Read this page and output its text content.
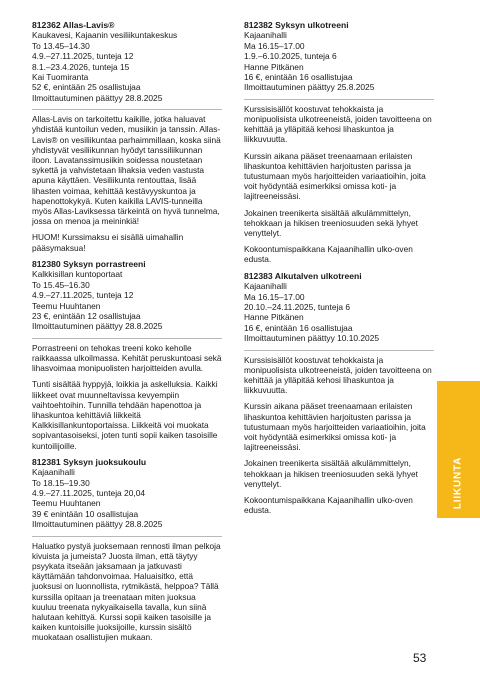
812362 Allas-Lavis®
Kaukavesi, Kajaanin vesiliikuntakeskus
To 13.45–14.30
4.9.–27.11.2025, tunteja 12
8.1.–23.4.2026, tunteja 15
Kai Tuomiranta
52 €, enintään 25 osallistujaa
Ilmoittautuminen päättyy 28.8.2025

Allas-Lavis on tarkoitettu kaikille, jotka haluavat yhdistää kuntoilun veden, musiikin ja tanssin. Allas-Lavis® on vesiliikuntaa parhaimmillaan, koska siinä yhdistyvät vesiliikunnan hyödyt tanssiliikunnan iloon. Lavatanssimusiikin soidessa noustetaan sykettä ja vahvistetaan lihaksia veden vastusta apuna käyttäen. Vesiliikunta rentouttaa, lisää lihasten voimaa, kehittää kestävyyskuntoa ja hapenottokykyä. Kuten kaikilla LAVIS-tunneilla myös Allas-Laviksessa tärkeintä on hyvä tunnelma, jossa on menoa ja meininkiä!

HUOM! Kurssimaksu ei sisällä uimahallin pääsymaksua!

812380 Syksyn porrastreeni
Kalkkisillan kuntoportaat
To 15.45–16.30
4.9.–27.11.2025, tunteja 12
Teemu Huuhtanen
23 €, enintään 12 osallistujaa
Ilmoittautuminen päättyy 28.8.2025

Porrastreeni on tehokas treeni koko keholle raikkaassa ulkoilmassa. Kehität peruskuntoasi sekä lihasvoimaa monipuolisten harjoitteiden avulla.

Tunti sisältää hyppyjä, loikkia ja askelluksia. Kaikki liikkeet ovat muunneltavissa kevyempiin vaihtoehtoihin. Tunnilla tehdään hapenottoa ja lihaskuntoa kehittäviä liikkeitä Kalkkisillankuntoportaissa. Liikkeitä voi muokata sopivantasoiseksi, joten tunti sopii kaiken tasoisille kuntoilijoille.

812381 Syksyn juoksukoulu
Kajaanihalli
To 18.15–19.30
4.9.–27.11.2025, tunteja 20,04
Teemu Huuhtanen
39 € enintään 10 osallistujaa
Ilmoittautuminen päättyy 28.8.2025

Haluatko pystyä juoksemaan rennosti ilman pelkoja kivuista ja jumeista? Juosta ilman, että täytyy psyykata itseään jaksamaan ja jatkuvasti käyttämään tahdonvoimaa. Haluaisitko, että juoksusi on luonnollista, rytmikästä, helppoa? Tällä kurssilla opitaan ja treenataan miten juoksua kuuluu treenata nykyaikaisella tavalla, kun siinä halutaan kehittyä. Kurssi sopii kaiken tasoisille ja kaiken kuntoisille juoksijoille, kurssin sisältö muokataan osallistujien mukaan.

812382 Syksyn ulkotreeni
Kajaanihalli
Ma 16.15–17.00
1.9.–6.10.2025, tunteja 6
Hanne Pitkänen
16 €, enintään 16 osallistujaa
Ilmoittautuminen päättyy 25.8.2025

Kurssisisällöt koostuvat tehokkaista ja monipuolisista ulkotreeneistä, joiden tavoitteena on kehittää ja ylläpitää kehosi lihaskuntoa ja liikkuvuutta.

Kurssin aikana pääset treenaamaan erilaisten lihaskuntoa kehittävien harjoitusten parissa ja tutustumaan myös harjoitteiden variaatioihin, joita voit hyödyntää esimerkiksi omissa koti- ja lajitreeneissäsi.

Jokainen treenikerta sisältää alkulämmittelyn, tehokkaan ja hikisen treeniosuuden sekä lyhyet venyttelyt.

Kokoontumispaikkana Kajaanihallin ulko-oven edusta.

812383 Alkutalven ulkotreeni
Kajaanihalli
Ma 16.15–17.00
20.10.–24.11.2025, tunteja 6
Hanne Pitkänen
16 €, enintään 16 osallistujaa
Ilmoittautuminen päättyy 10.10.2025

Kurssisisällöt koostuvat tehokkaista ja monipuolisista ulkotreeneistä, joiden tavoitteena on kehittää ja ylläpitää kehosi lihaskuntoa ja liikkuvuutta.

Kurssin aikana pääset treenaamaan erilaisten lihaskuntoa kehittävien harjoitusten parissa ja tutustumaan myös harjoitteiden variaatioihin, joita voit hyödyntää esimerkiksi omissa koti- ja lajitreeneissäsi.

Jokainen treenikerta sisältää alkulämmittelyn, tehokkaan ja hikisen treeniosuuden sekä lyhyet venyttelyt.

Kokoontumispaikkana Kajaanihallin ulko-oven edusta.

LIIKUNTA
53
